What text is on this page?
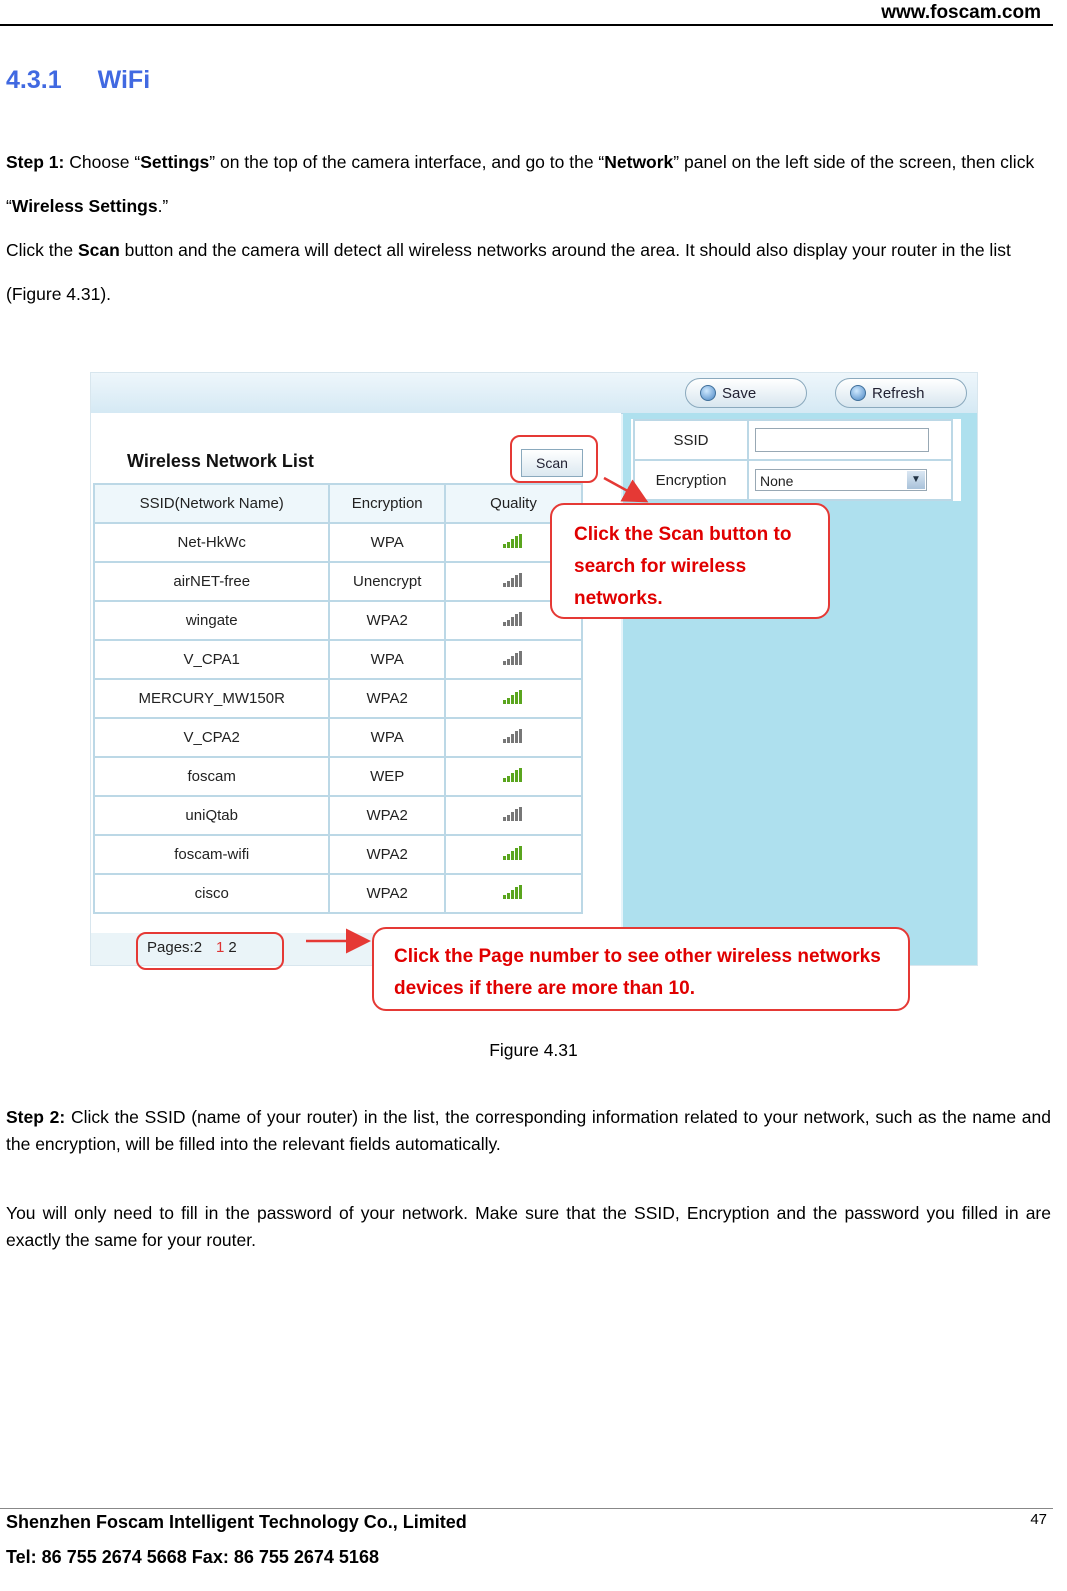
www.foscam.com
4.3.1 WiFi
Step 1: Choose “Settings” on the top of the camera interface, and go to the “Network” panel on the left side of the screen, then click “Wireless Settings.”
Click the Scan button and the camera will detect all wireless networks around the area. It should also display your router in the list (Figure 4.31).
Save	Refresh
Wireless Network List	Scan
SSID(Network Name)	Encryption	Quality
Net-HkWc	WPA	

airNET-free	Unencrypt	

wingate	WPA2	

V_CPA1	WPA	

MERCURY_MW150R	WPA2	

V_CPA2	WPA	

foscam	WEP	

uniQtab	WPA2	

foscam-wifi	WPA2	

cisco	WPA2	
Pages:2 1 2
SSID	

Encryption	None ▼
Click the Scan button to search for wireless networks.
Click the Page number to see other wireless networks devices if there are more than 10.
Figure 4.31
Step 2: Click the SSID (name of your router) in the list, the corresponding information related to your network, such as the name and the encryption, will be filled into the relevant fields automatically.
You will only need to fill in the password of your network. Make sure that the SSID, Encryption and the password you filled in are exactly the same for your router.
Shenzhen Foscam Intelligent Technology Co., Limited
Tel: 86 755 2674 5668 Fax: 86 755 2674 5168
47
